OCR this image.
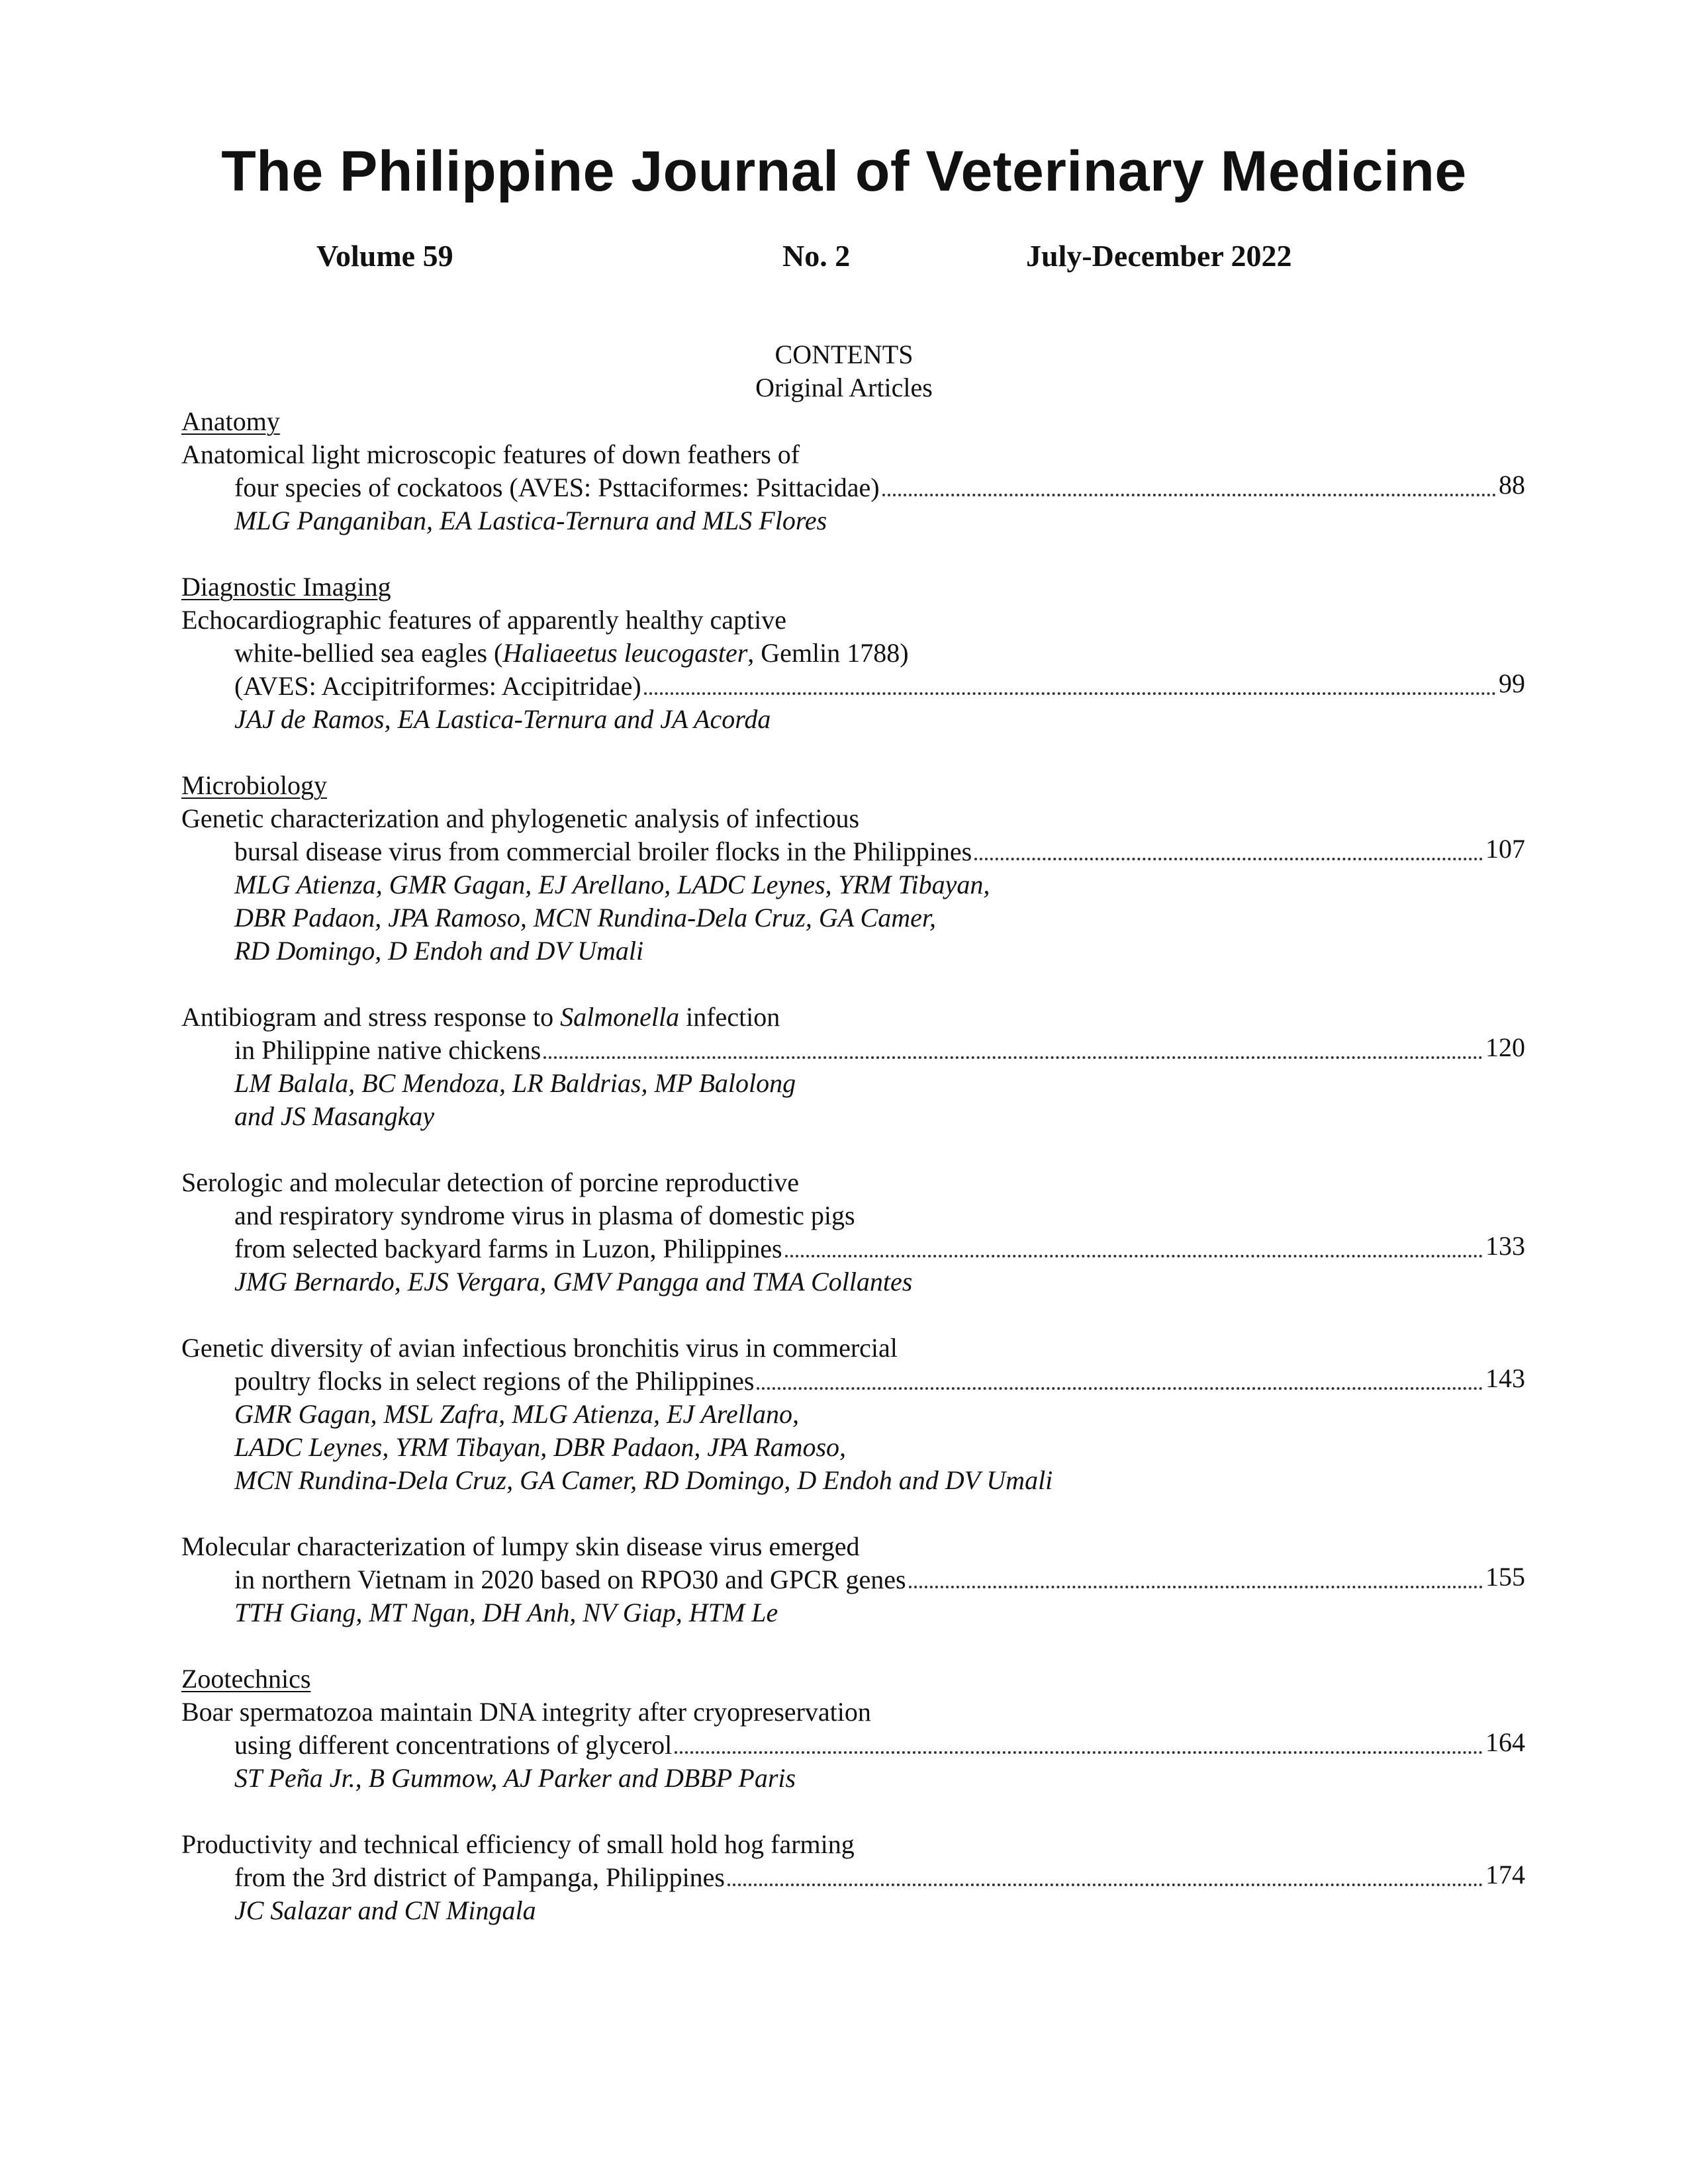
The Philippine Journal of Veterinary Medicine
Volume 59	No. 2	July-December 2022
CONTENTS
Original Articles
Anatomy
Anatomical light microscopic features of down feathers of
four species of cockatoos (AVES: Psttaciformes: Psittacidae)	88
MLG Panganiban, EA Lastica-Ternura and MLS Flores
Diagnostic Imaging
Echocardiographic features of apparently healthy captive
white-bellied sea eagles (Haliaeetus leucogaster, Gemlin 1788)
(AVES: Accipitriformes: Accipitridae)	99
JAJ de Ramos, EA Lastica-Ternura and JA Acorda
Microbiology
Genetic characterization and phylogenetic analysis of infectious
bursal disease virus from commercial broiler flocks in the Philippines	107
MLG Atienza, GMR Gagan, EJ Arellano, LADC Leynes, YRM Tibayan,
DBR Padaon, JPA Ramoso, MCN Rundina-Dela Cruz, GA Camer,
RD Domingo, D Endoh and DV Umali
Antibiogram and stress response to Salmonella infection
in Philippine native chickens	120
LM Balala, BC Mendoza, LR Baldrias, MP Balolong
and JS Masangkay
Serologic and molecular detection of porcine reproductive
and respiratory syndrome virus in plasma of domestic pigs
from selected backyard farms in Luzon, Philippines	133
JMG Bernardo, EJS Vergara, GMV Pangga and TMA Collantes
Genetic diversity of avian infectious bronchitis virus in commercial
poultry flocks in select regions of the Philippines	143
GMR Gagan, MSL Zafra, MLG Atienza, EJ Arellano,
LADC Leynes, YRM Tibayan, DBR Padaon, JPA Ramoso,
MCN Rundina-Dela Cruz, GA Camer, RD Domingo, D Endoh and DV Umali
Molecular characterization of lumpy skin disease virus emerged
in northern Vietnam in 2020 based on RPO30 and GPCR genes	155
TTH Giang, MT Ngan, DH Anh, NV Giap, HTM Le
Zootechnics
Boar spermatozoa maintain DNA integrity after cryopreservation
using different concentrations of glycerol	164
ST Peña Jr., B Gummow, AJ Parker and DBBP Paris
Productivity and technical efficiency of small hold hog farming
from the 3rd district of Pampanga, Philippines	174
JC Salazar and CN Mingala
